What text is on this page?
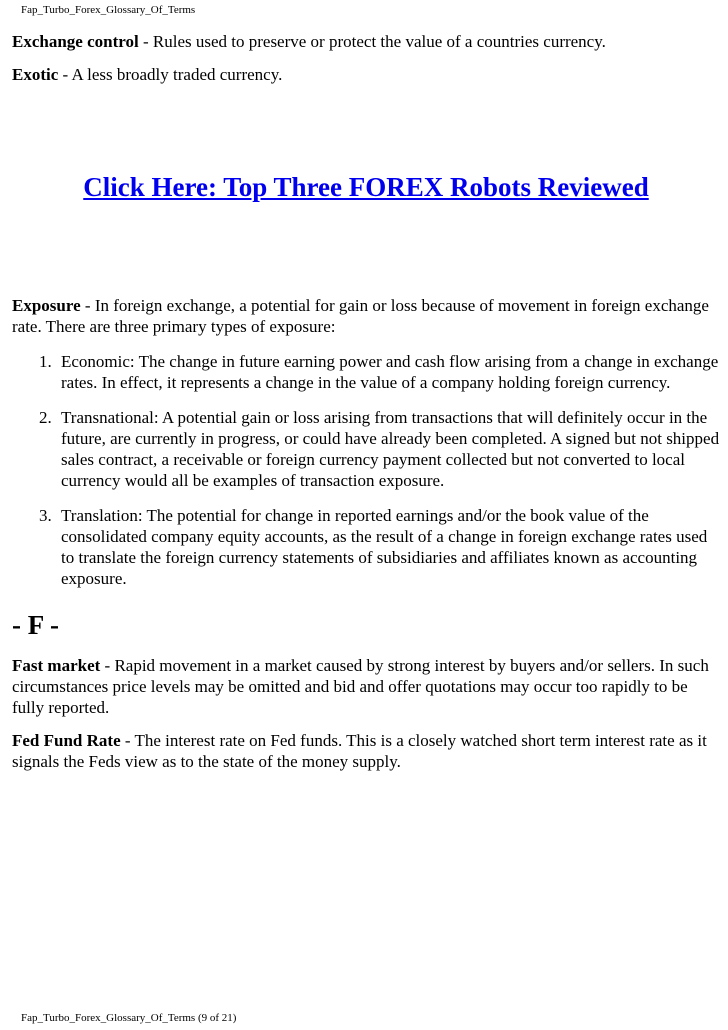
Fap_Turbo_Forex_Glossary_Of_Terms

Exchange control - Rules used to preserve or protect the value of a countries currency.

Exotic - A less broadly traded currency.

Click Here: Top Three FOREX Robots Reviewed

Exposure - In foreign exchange, a potential for gain or loss because of movement in foreign exchange rate. There are three primary types of exposure:

1. Economic: The change in future earning power and cash flow arising from a change in exchange rates. In effect, it represents a change in the value of a company holding foreign currency.
2. Transnational: A potential gain or loss arising from transactions that will definitely occur in the future, are currently in progress, or could have already been completed. A signed but not shipped sales contract, a receivable or foreign currency payment collected but not converted to local currency would all be examples of transaction exposure.
3. Translation: The potential for change in reported earnings and/or the book value of the consolidated company equity accounts, as the result of a change in foreign exchange rates used to translate the foreign currency statements of subsidiaries and affiliates known as accounting exposure.
- F -

Fast market - Rapid movement in a market caused by strong interest by buyers and/or sellers. In such circumstances price levels may be omitted and bid and offer quotations may occur too rapidly to be fully reported.

Fed Fund Rate - The interest rate on Fed funds. This is a closely watched short term interest rate as it signals the Feds view as to the state of the money supply.

Fap_Turbo_Forex_Glossary_Of_Terms (9 of 21)
